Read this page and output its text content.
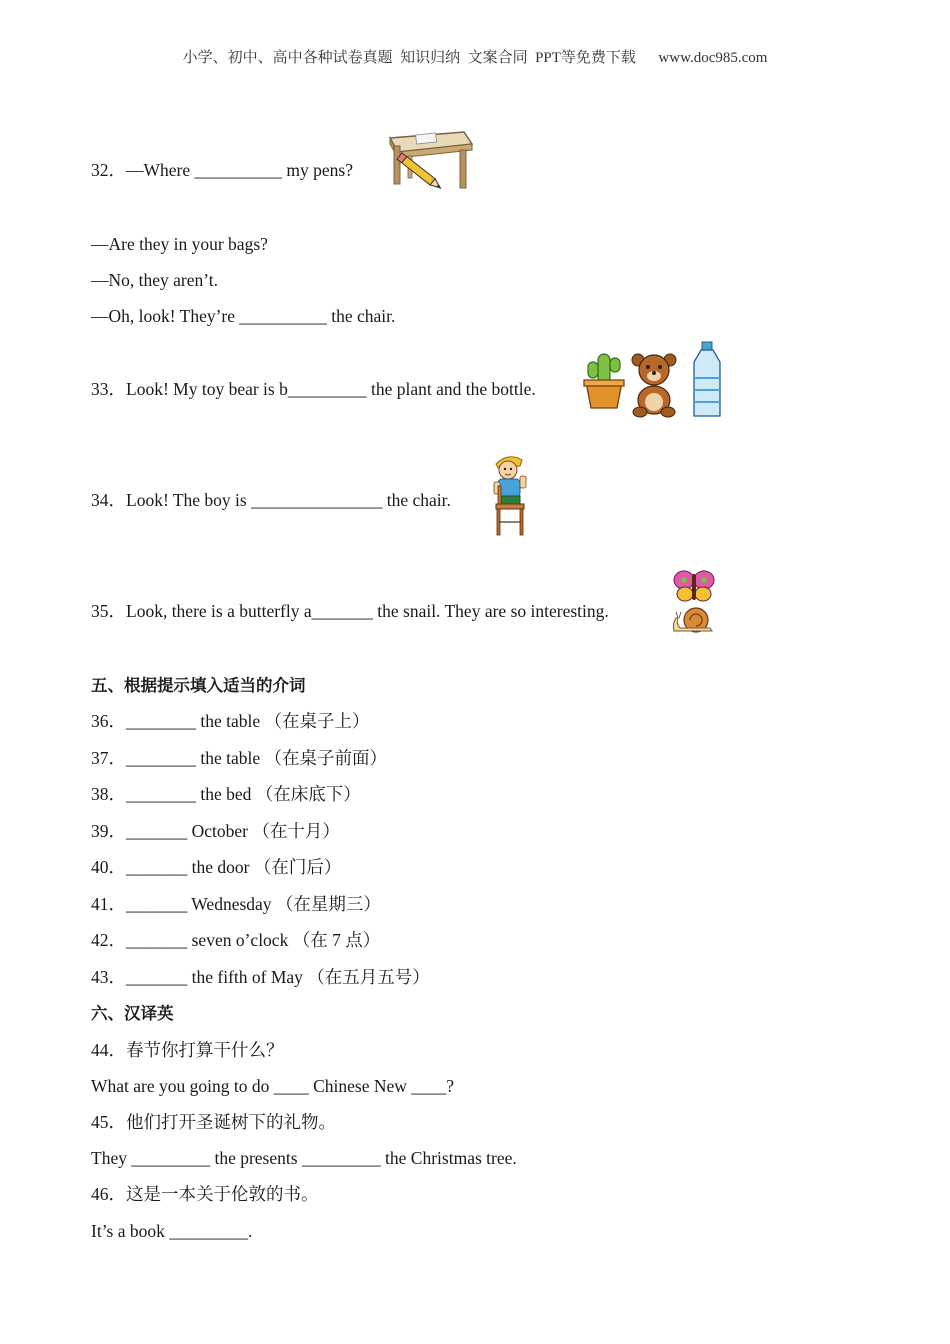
小学、初中、高中各种试卷真题  知识归纳  文案合同  PPT等免费下载 www.doc985.com
32．—Where __________ my pens?
—Are they in your bags?
—No, they aren’t.
—Oh, look! They’re __________ the chair.
33．Look! My toy bear is b_________ the plant and the bottle.
34．Look! The boy is _______________ the chair.
35．Look, there is a butterfly a_______ the snail. They are so interesting.
五、根据提示填入适当的介词
36．________ the table （在桌子上）
37．________ the table （在桌子前面）
38．________ the bed （在床底下）
39．_______ October （在十月）
40．_______ the door （在门后）
41．_______ Wednesday （在星期三）
42．_______ seven o’clock （在 7 点）
43．_______ the fifth of May （在五月五号）
六、汉译英
44．春节你打算干什么？
What are you going to do ____ Chinese New ____?
45．他们打开圣诞树下的礼物。
They _________ the presents _________ the Christmas tree.
46．这是一本关于伦敦的书。
It’s a book _________.
